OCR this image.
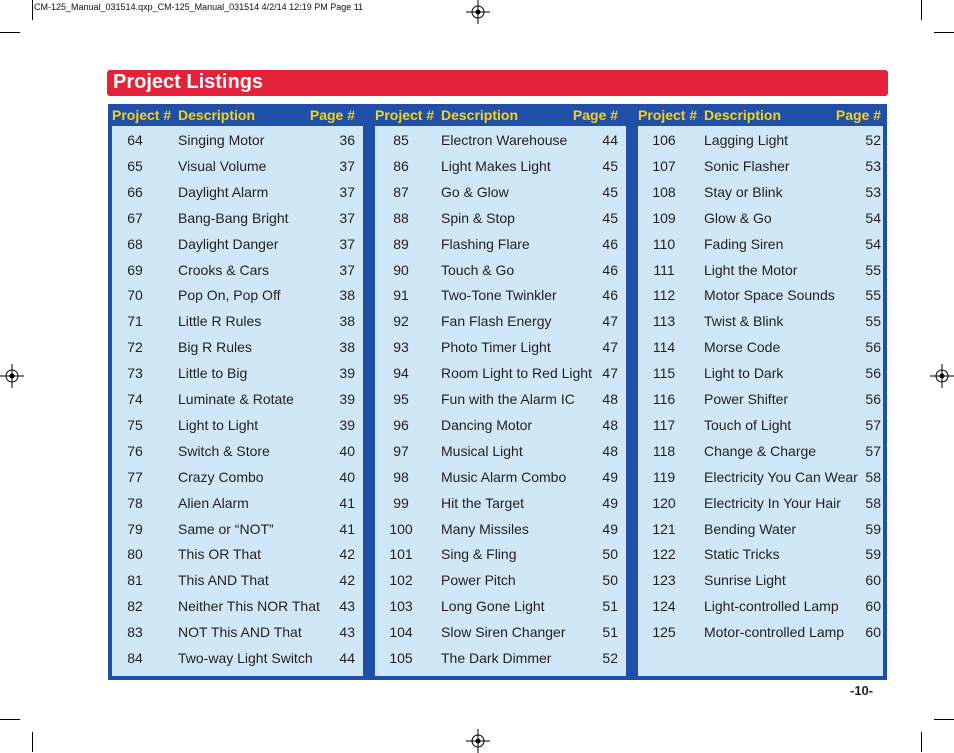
CM-125_Manual_031514.qxp_CM-125_Manual_031514 4/2/14 12:19 PM Page 11
Project Listings
Project # Description	Page #
64	Singing Motor	36
65	Visual Volume	37
66	Daylight Alarm	37
67	Bang-Bang Bright	37
68	Daylight Danger	37
69	Crooks & Cars	37
70	Pop On, Pop Off	38
71	Little R Rules	38
72	Big R Rules	38
73	Little to Big	39
74	Luminate & Rotate	39
75	Light to Light	39
76	Switch & Store	40
77	Crazy Combo	40
78	Alien Alarm	41
79	Same or “NOT”	41
80	This OR That	42
81	This AND That	42
82	Neither This NOR That 43
83	NOT This AND That	43
84	Two-way Light Switch 44
Project # Description	Page #
85	Electron Warehouse	44
86	Light Makes Light	45
87	Go & Glow	45
88	Spin & Stop	45
89	Flashing Flare	46
90	Touch & Go	46
91	Two-Tone Twinkler	46
92	Fan Flash Energy	47
93	Photo Timer Light	47
94	Room Light to Red Light 47
95	Fun with the Alarm IC 48
96	Dancing Motor	48
97	Musical Light	48
98	Music Alarm Combo	49
99	Hit the Target	49
100	Many Missiles	49
101	Sing & Fling	50
102	Power Pitch	50
103	Long Gone Light	51
104	Slow Siren Changer	51
105	The Dark Dimmer	52
Project # Description	Page #
106	Lagging Light	52
107	Sonic Flasher	53
108	Stay or Blink	53
109	Glow & Go	54
110	Fading Siren	54
111	Light the Motor	55
112	Motor Space Sounds 55
113	Twist & Blink	55
114	Morse Code	56
115	Light to Dark	56
116	Power Shifter	56
117	Touch of Light	57
118	Change & Charge	57
119	Electricity You Can Wear 58
120	Electricity In Your Hair 58
121	Bending Water	59
122	Static Tricks	59
123	Sunrise Light	60
124	Light-controlled Lamp 60
125	Motor-controlled Lamp 60
-10-
